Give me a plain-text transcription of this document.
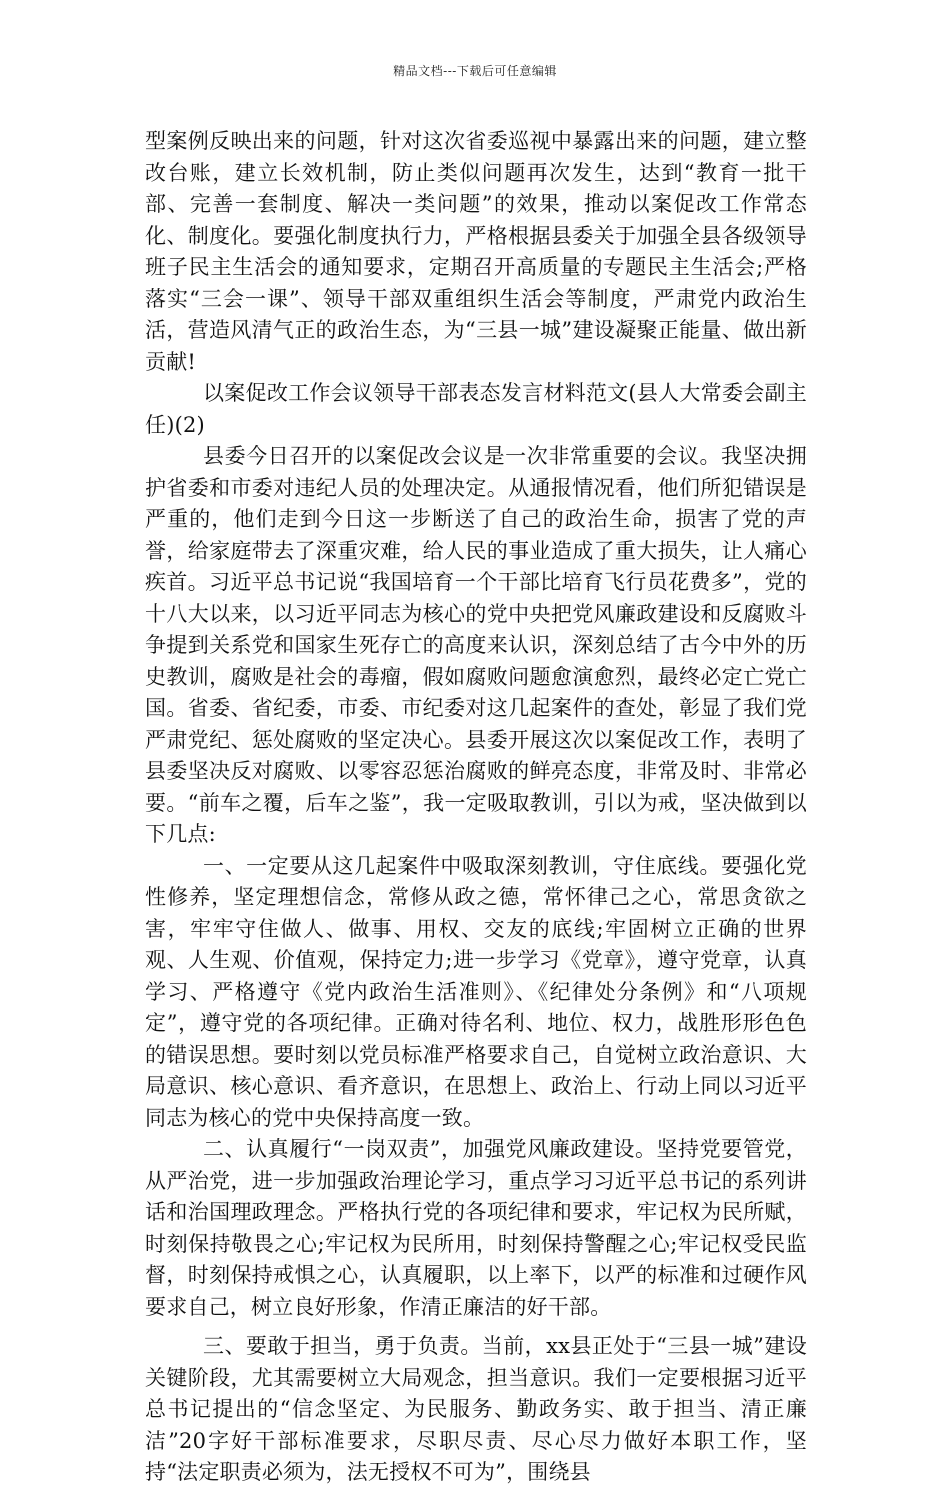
精品文档---下载后可任意编辑

型案例反映出来的问题，针对这次省委巡视中暴露出来的问题，建立整改台账，建立长效机制，防止类似问题再次发生，达到“教育一批干部、完善一套制度、解决一类问题”的效果，推动以案促改工作常态化、制度化。要强化制度执行力，严格根据县委关于加强全县各级领导班子民主生活会的通知要求，定期召开高质量的专题民主生活会;严格落实“三会一课”、领导干部双重组织生活会等制度，严肃党内政治生活，营造风清气正的政治生态，为“三县一城”建设凝聚正能量、做出新贡献!

以案促改工作会议领导干部表态发言材料范文(县人大常委会副主任)(2)

县委今日召开的以案促改会议是一次非常重要的会议。我坚决拥护省委和市委对违纪人员的处理决定。从通报情况看，他们所犯错误是严重的，他们走到今日这一步断送了自己的政治生命，损害了党的声誉，给家庭带去了深重灾难，给人民的事业造成了重大损失，让人痛心疾首。习近平总书记说“我国培育一个干部比培育飞行员花费多”，党的十八大以来，以习近平同志为核心的党中央把党风廉政建设和反腐败斗争提到关系党和国家生死存亡的高度来认识，深刻总结了古今中外的历史教训，腐败是社会的毒瘤，假如腐败问题愈演愈烈，最终必定亡党亡国。省委、省纪委，市委、市纪委对这几起案件的查处，彰显了我们党严肃党纪、惩处腐败的坚定决心。县委开展这次以案促改工作，表明了县委坚决反对腐败、以零容忍惩治腐败的鲜亮态度，非常及时、非常必要。“前车之覆，后车之鉴”，我一定吸取教训，引以为戒，坚决做到以下几点:

一、一定要从这几起案件中吸取深刻教训，守住底线。要强化党性修养，坚定理想信念，常修从政之德，常怀律己之心，常思贪欲之害，牢牢守住做人、做事、用权、交友的底线;牢固树立正确的世界观、人生观、价值观，保持定力;进一步学习《党章》，遵守党章，认真学习、严格遵守《党内政治生活准则》、《纪律处分条例》和“八项规定”，遵守党的各项纪律。正确对待名利、地位、权力，战胜形形色色的错误思想。要时刻以党员标准严格要求自己，自觉树立政治意识、大局意识、核心意识、看齐意识，在思想上、政治上、行动上同以习近平同志为核心的党中央保持高度一致。

二、认真履行“一岗双责”，加强党风廉政建设。坚持党要管党，从严治党，进一步加强政治理论学习，重点学习习近平总书记的系列讲话和治国理政理念。严格执行党的各项纪律和要求，牢记权为民所赋，时刻保持敬畏之心;牢记权为民所用，时刻保持警醒之心;牢记权受民监督，时刻保持戒惧之心，认真履职，以上率下，以严的标准和过硬作风要求自己，树立良好形象，作清正廉洁的好干部。

三、要敢于担当，勇于负责。当前，xx县正处于“三县一城”建设关键阶段，尤其需要树立大局观念，担当意识。我们一定要根据习近平总书记提出的“信念坚定、为民服务、勤政务实、敢于担当、清正廉洁”20字好干部标准要求，尽职尽责、尽心尽力做好本职工作，坚持“法定职责必须为，法无授权不可为”，围绕县
